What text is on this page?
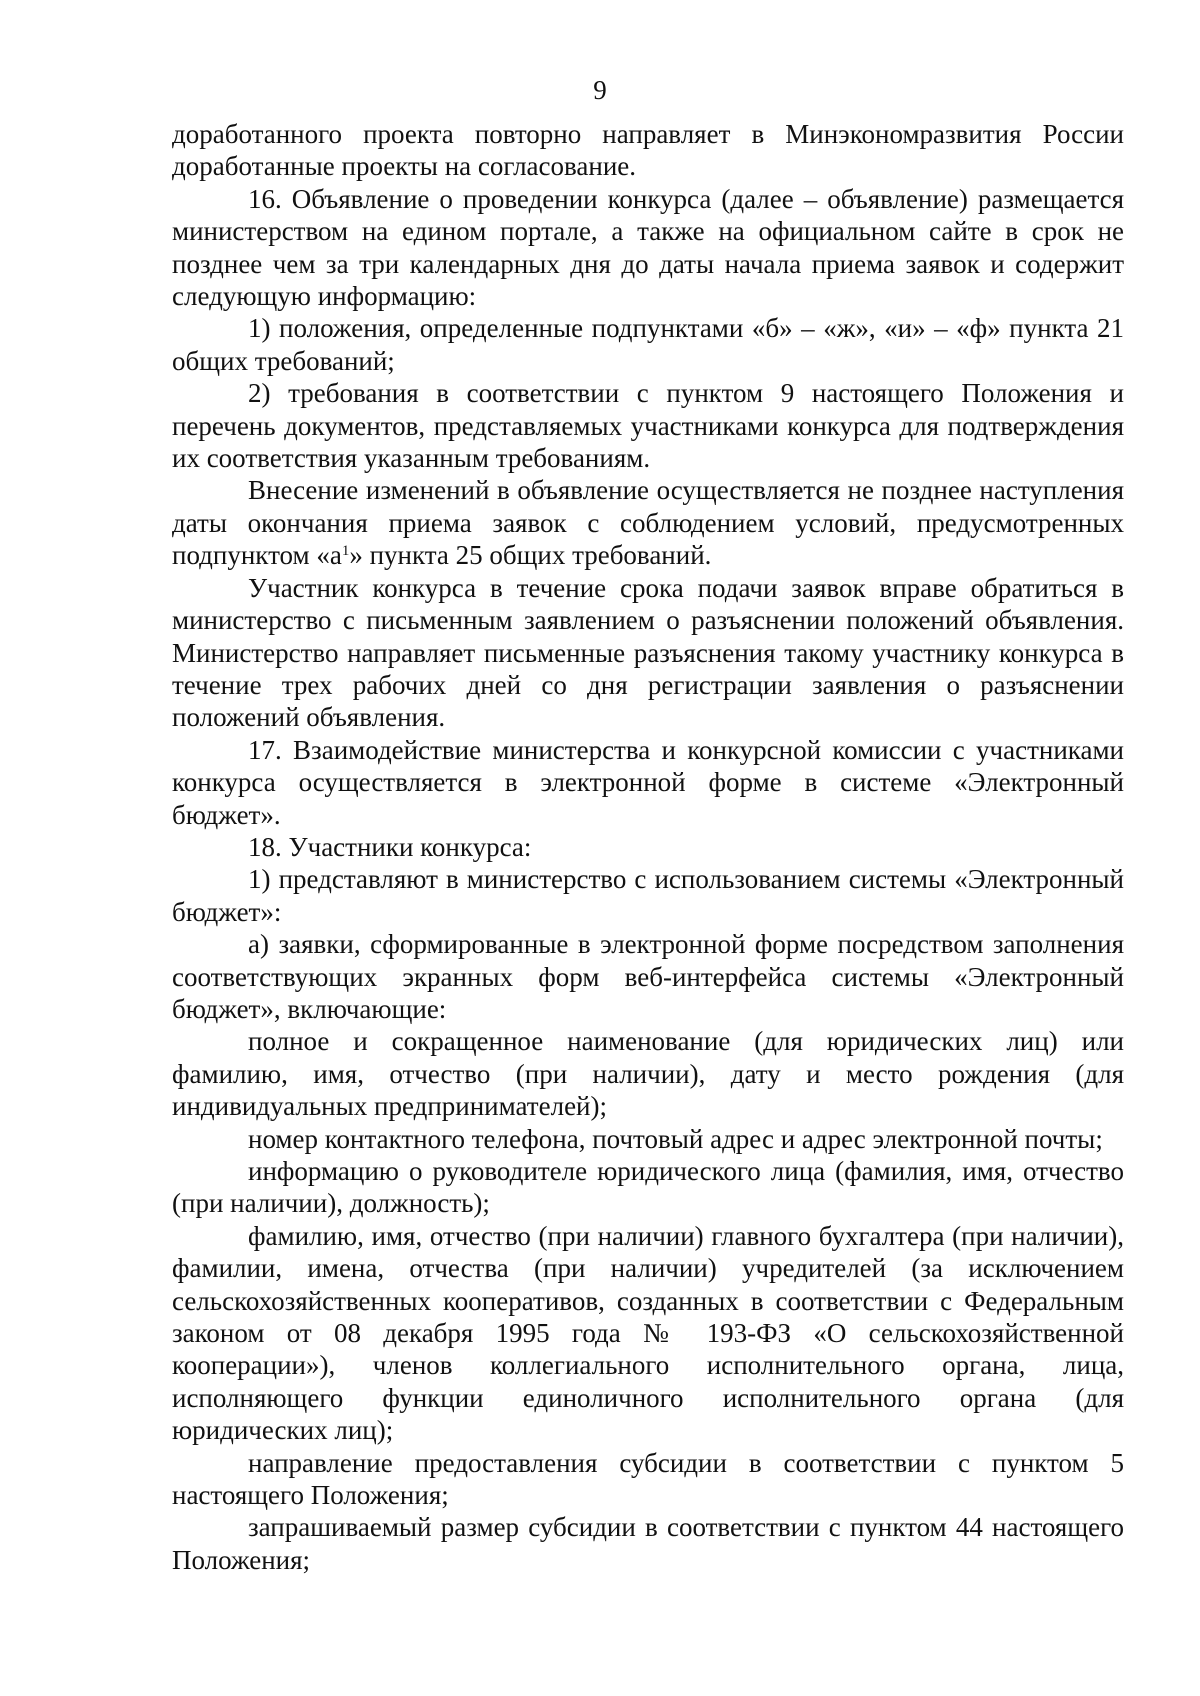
9

доработанного проекта повторно направляет в Минэкономразвития России доработанные проекты на согласование.

16. Объявление о проведении конкурса (далее – объявление) размещается министерством на едином портале, а также на официальном сайте в срок не позднее чем за три календарных дня до даты начала приема заявок и содержит следующую информацию:

1) положения, определенные подпунктами «б» – «ж», «и» – «ф» пункта 21 общих требований;

2) требования в соответствии с пунктом 9 настоящего Положения и перечень документов, представляемых участниками конкурса для подтверждения их соответствия указанным требованиям.

Внесение изменений в объявление осуществляется не позднее наступления даты окончания приема заявок с соблюдением условий, предусмотренных подпунктом «$а^1$» пункта 25 общих требований.

Участник конкурса в течение срока подачи заявок вправе обратиться в министерство с письменным заявлением о разъяснении положений объявления. Министерство направляет письменные разъяснения такому участнику конкурса в течение трех рабочих дней со дня регистрации заявления о разъяснении положений объявления.

17. Взаимодействие министерства и конкурсной комиссии с участниками конкурса осуществляется в электронной форме в системе «Электронный бюджет».

18. Участники конкурса:

1) представляют в министерство с использованием системы «Электронный бюджет»:

а) заявки, сформированные в электронной форме посредством заполнения соответствующих экранных форм веб-интерфейса системы «Электронный бюджет», включающие:

полное и сокращенное наименование (для юридических лиц) или фамилию, имя, отчество (при наличии), дату и место рождения (для индивидуальных предпринимателей);

номер контактного телефона, почтовый адрес и адрес электронной почты;

информацию о руководителе юридического лица (фамилия, имя, отчество (при наличии), должность);

фамилию, имя, отчество (при наличии) главного бухгалтера (при наличии), фамилии, имена, отчества (при наличии) учредителей (за исключением сельскохозяйственных кооперативов, созданных в соответствии с Федеральным законом от 08 декабря 1995 года № 193-ФЗ «О сельскохозяйственной кооперации»), членов коллегиального исполнительного органа, лица, исполняющего функции единоличного исполнительного органа (для юридических лиц);

направление предоставления субсидии в соответствии с пунктом 5 настоящего Положения;

запрашиваемый размер субсидии в соответствии с пунктом 44 настоящего Положения;
